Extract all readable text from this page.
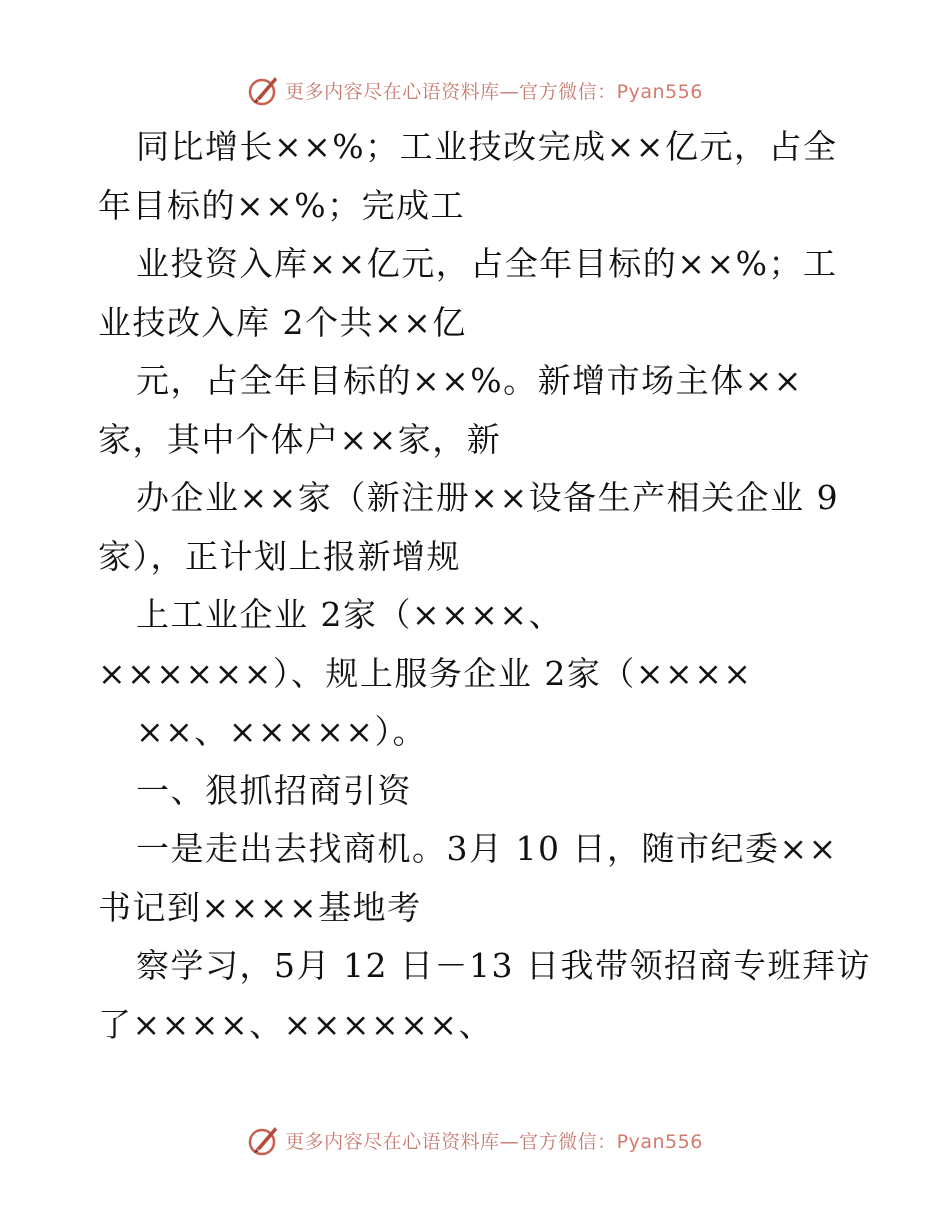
更多内容尽在心语资料库—官方微信：Pyan556
同比增长××%；工业技改完成××亿元，占全
年目标的××%；完成工
业投资入库××亿元，占全年目标的××%；工
业技改入库 2个共××亿
元，占全年目标的××%。新增市场主体××
家，其中个体户××家，新
办企业××家（新注册××设备生产相关企业 9
家），正计划上报新增规
上工业企业 2家（××××、
××××××）、规上服务企业 2家（××××
××、×××××）。
一、狠抓招商引资
一是走出去找商机。3月 10 日，随市纪委××
书记到××××基地考
察学习，5月 12 日－13 日我带领招商专班拜访
了××××、××××××、
更多内容尽在心语资料库—官方微信：Pyan556
